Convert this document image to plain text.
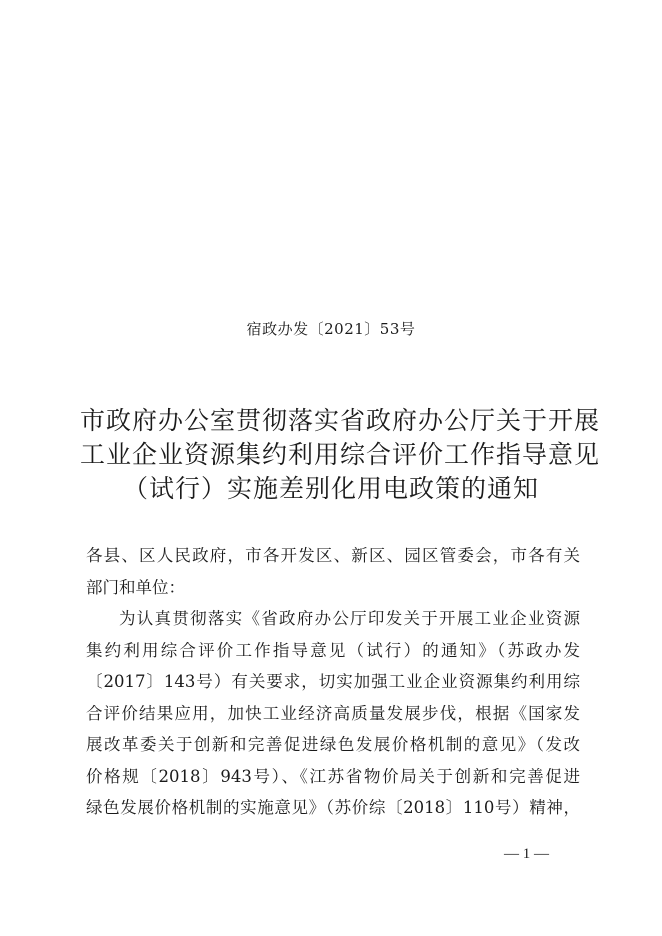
宿政办发〔2021〕53号
市政府办公室贯彻落实省政府办公厅关于开展
工业企业资源集约利用综合评价工作指导意见
（试行）实施差别化用电政策的通知
各县、区人民政府，市各开发区、新区、园区管委会，市各有关
部门和单位：
为认真贯彻落实《省政府办公厅印发关于开展工业企业资源
集约利用综合评价工作指导意见（试行）的通知》（苏政办发
〔2017〕143号）有关要求，切实加强工业企业资源集约利用综
合评价结果应用，加快工业经济高质量发展步伐，根据《国家发
展改革委关于创新和完善促进绿色发展价格机制的意见》（发改
价格规〔2018〕943号）、《江苏省物价局关于创新和完善促进
绿色发展价格机制的实施意见》（苏价综〔2018〕110号）精神，
— 1 —
